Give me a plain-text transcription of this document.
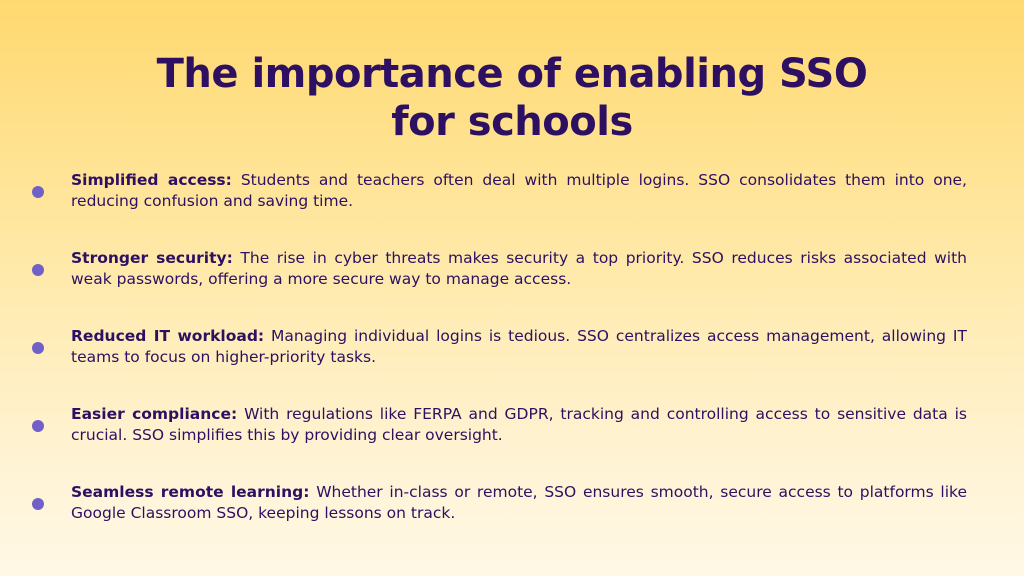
The importance of enabling SSO
for schools

Simplified access: Students and teachers often deal with multiple logins. SSO consolidates them into one, reducing confusion and saving time.

Stronger security: The rise in cyber threats makes security a top priority. SSO reduces risks associated with weak passwords, offering a more secure way to manage access.

Reduced IT workload: Managing individual logins is tedious. SSO centralizes access management, allowing IT teams to focus on higher-priority tasks.

Easier compliance: With regulations like FERPA and GDPR, tracking and controlling access to sensitive data is crucial. SSO simplifies this by providing clear oversight.

Seamless remote learning: Whether in-class or remote, SSO ensures smooth, secure access to platforms like Google Classroom SSO, keeping lessons on track.
